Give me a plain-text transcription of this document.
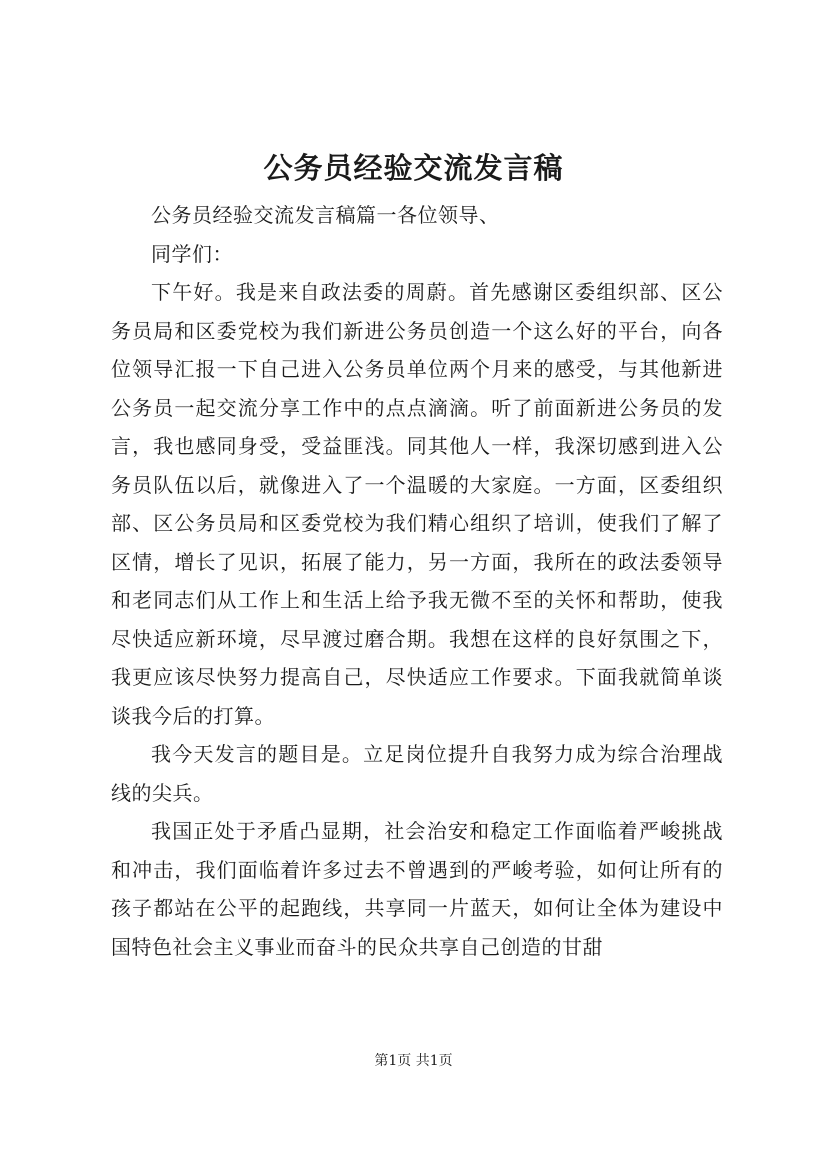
公务员经验交流发言稿

公务员经验交流发言稿篇一各位领导、

同学们：

下午好。我是来自政法委的周蔚。首先感谢区委组织部、区公务员局和区委党校为我们新进公务员创造一个这么好的平台，向各位领导汇报一下自己进入公务员单位两个月来的感受，与其他新进公务员一起交流分享工作中的点点滴滴。听了前面新进公务员的发言，我也感同身受，受益匪浅。同其他人一样，我深切感到进入公务员队伍以后，就像进入了一个温暖的大家庭。一方面，区委组织部、区公务员局和区委党校为我们精心组织了培训，使我们了解了区情，增长了见识，拓展了能力，另一方面，我所在的政法委领导和老同志们从工作上和生活上给予我无微不至的关怀和帮助，使我尽快适应新环境，尽早渡过磨合期。我想在这样的良好氛围之下，我更应该尽快努力提高自己，尽快适应工作要求。下面我就简单谈谈我今后的打算。

我今天发言的题目是。立足岗位提升自我努力成为综合治理战线的尖兵。

我国正处于矛盾凸显期，社会治安和稳定工作面临着严峻挑战和冲击，我们面临着许多过去不曾遇到的严峻考验，如何让所有的孩子都站在公平的起跑线，共享同一片蓝天，如何让全体为建设中国特色社会主义事业而奋斗的民众共享自己创造的甘甜

第1页 共1页
